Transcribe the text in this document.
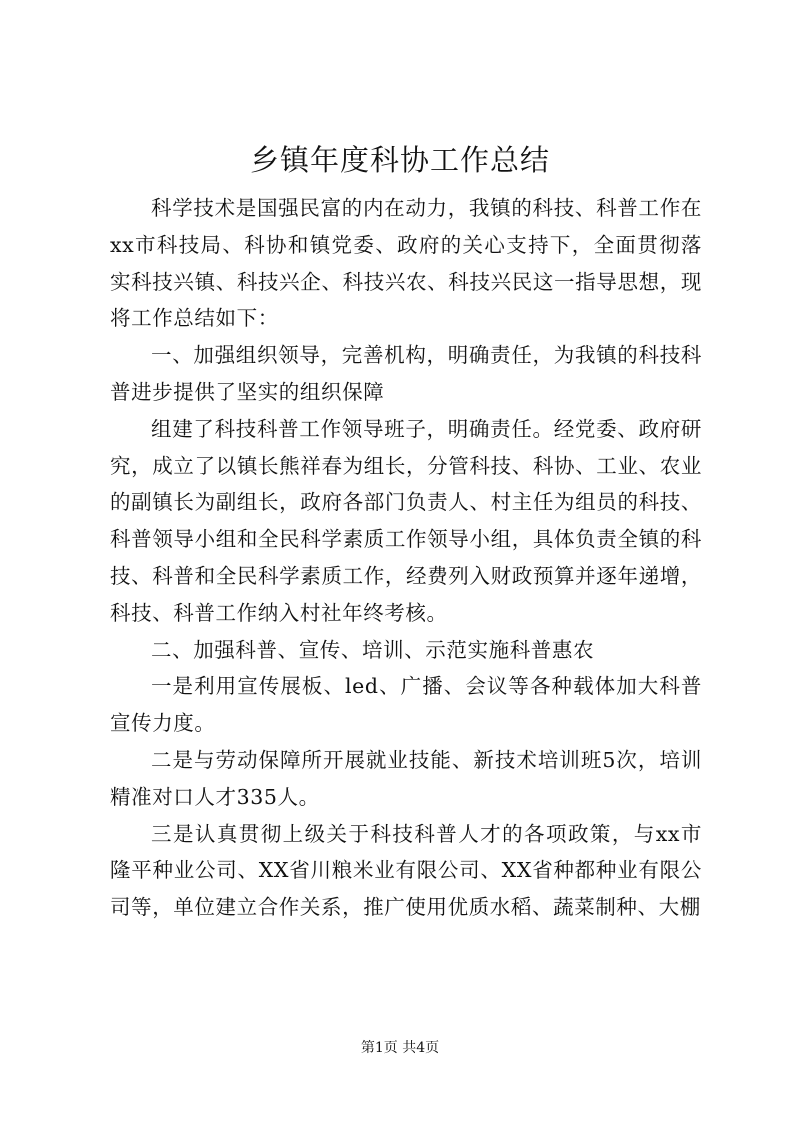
乡镇年度科协工作总结

科学技术是国强民富的内在动力，我镇的科技、科普工作在xx市科技局、科协和镇党委、政府的关心支持下，全面贯彻落实科技兴镇、科技兴企、科技兴农、科技兴民这一指导思想，现将工作总结如下：

一、加强组织领导，完善机构，明确责任，为我镇的科技科普进步提供了坚实的组织保障

组建了科技科普工作领导班子，明确责任。经党委、政府研究，成立了以镇长熊祥春为组长，分管科技、科协、工业、农业的副镇长为副组长，政府各部门负责人、村主任为组员的科技、科普领导小组和全民科学素质工作领导小组，具体负责全镇的科技、科普和全民科学素质工作，经费列入财政预算并逐年递增，科技、科普工作纳入村社年终考核。

二、加强科普、宣传、培训、示范实施科普惠农

一是利用宣传展板、led、广播、会议等各种载体加大科普宣传力度。

二是与劳动保障所开展就业技能、新技术培训班5次，培训精准对口人才335人。

三是认真贯彻上级关于科技科普人才的各项政策，与xx市隆平种业公司、XX省川粮米业有限公司、XX省种都种业有限公司等，单位建立合作关系，推广使用优质水稻、蔬菜制种、大棚

第1页 共4页
